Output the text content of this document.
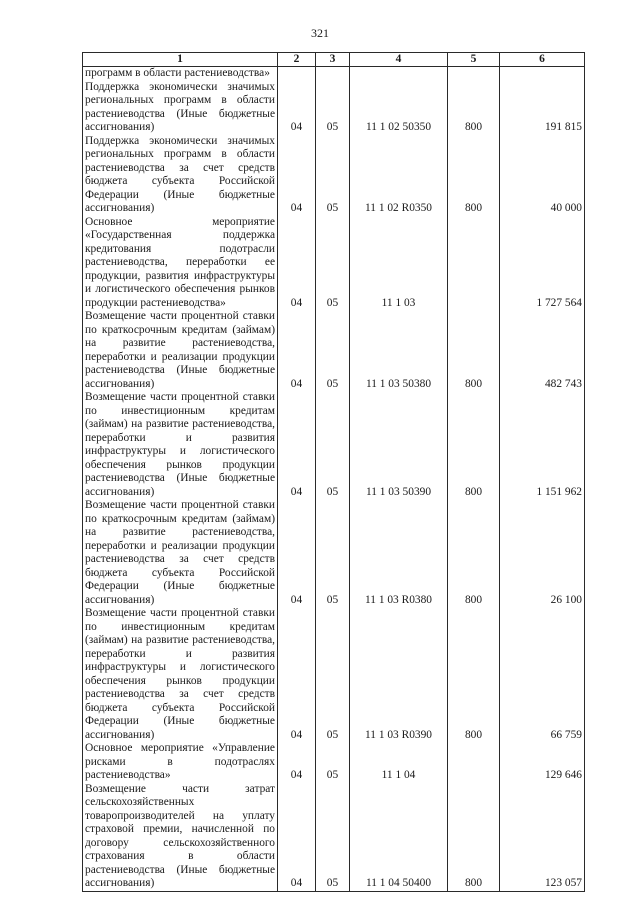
321
1	2	3	4	5	6
программ в области растениеводства»					
Поддержка экономически значимых региональных программ в области растениеводства (Иные бюджетные ассигнования)	04	05	11 1 02 50350	800	191 815
Поддержка экономически значимых региональных программ в области растениеводства за счет средств бюджета субъекта Российской Федерации (Иные бюджетные ассигнования)	04	05	11 1 02 R0350	800	40 000
Основное мероприятие «Государственная поддержка кредитования подотрасли растениеводства, переработки ее продукции, развития инфраструктуры и логистического обеспечения рынков продукции растениеводства»	04	05	11 1 03		1 727 564
Возмещение части процентной ставки по краткосрочным кредитам (займам) на развитие растениеводства, переработки и реализации продукции растениеводства (Иные бюджетные ассигнования)	04	05	11 1 03 50380	800	482 743
Возмещение части процентной ставки по инвестиционным кредитам (займам) на развитие растениеводства, переработки и развития инфраструктуры и логистического обеспечения рынков продукции растениеводства (Иные бюджетные ассигнования)	04	05	11 1 03 50390	800	1 151 962
Возмещение части процентной ставки по краткосрочным кредитам (займам) на развитие растениеводства, переработки и реализации продукции растениеводства за счет средств бюджета субъекта Российской Федерации (Иные бюджетные ассигнования)	04	05	11 1 03 R0380	800	26 100
Возмещение части процентной ставки по инвестиционным кредитам (займам) на развитие растениеводства, переработки и развития инфраструктуры и логистического обеспечения рынков продукции растениеводства за счет средств бюджета субъекта Российской Федерации (Иные бюджетные ассигнования)	04	05	11 1 03 R0390	800	66 759
Основное мероприятие «Управление рисками в подотраслях растениеводства»	04	05	11 1 04		129 646
Возмещение части затрат сельскохозяйственных товаропроизводителей на уплату страховой премии, начисленной по договору сельскохозяйственного страхования в области растениеводства (Иные бюджетные ассигнования)	04	05	11 1 04 50400	800	123 057
